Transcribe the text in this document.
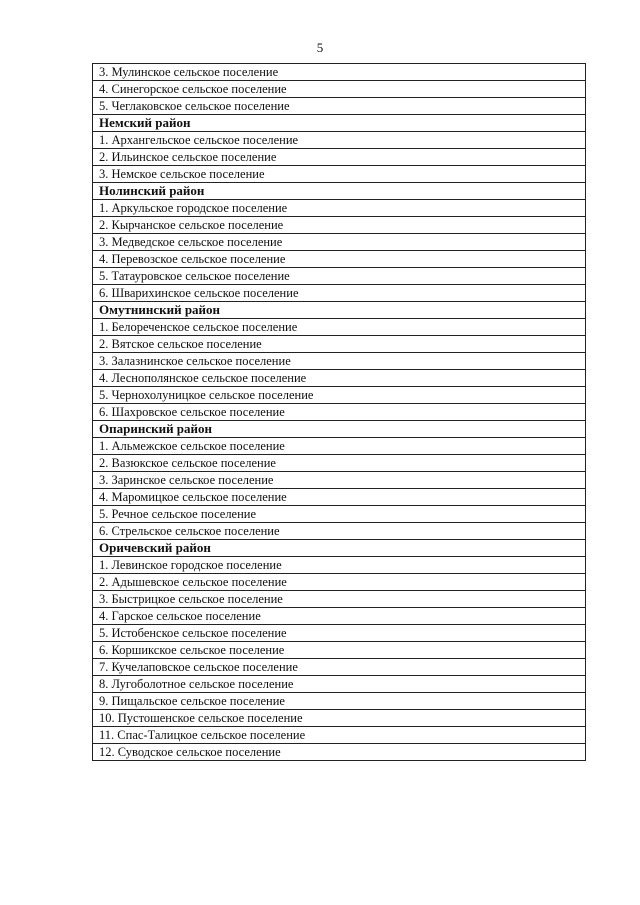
5
3. Мулинское сельское поселение
4. Синегорское сельское поселение
5. Чеглаковское сельское поселение
Немский район
1. Архангельское сельское поселение
2. Ильинское сельское поселение
3. Немское сельское поселение
Нолинский район
1. Аркульское городское поселение
2. Кырчанское сельское поселение
3. Медведское сельское поселение
4. Перевозское сельское поселение
5. Татауровское сельское поселение
6. Шварихинское сельское поселение
Омутнинский район
1. Белореченское сельское поселение
2. Вятское сельское поселение
3. Залазнинское сельское поселение
4. Леснополянское сельское поселение
5. Чернохолуницкое сельское поселение
6. Шахровское сельское поселение
Опаринский район
1. Альмежское сельское поселение
2. Вазюкское сельское поселение
3. Заринское сельское поселение
4. Маромицкое сельское поселение
5. Речное сельское поселение
6. Стрельское сельское поселение
Оричевский район
1. Левинское городское поселение
2. Адышевское сельское поселение
3. Быстрицкое сельское поселение
4. Гарское сельское поселение
5. Истобенское сельское поселение
6. Коршикское сельское поселение
7. Кучелаповское сельское поселение
8. Лугоболотное сельское поселение
9. Пищальское сельское поселение
10. Пустошенское сельское поселение
11. Спас-Талицкое сельское поселение
12. Суводское сельское поселение
